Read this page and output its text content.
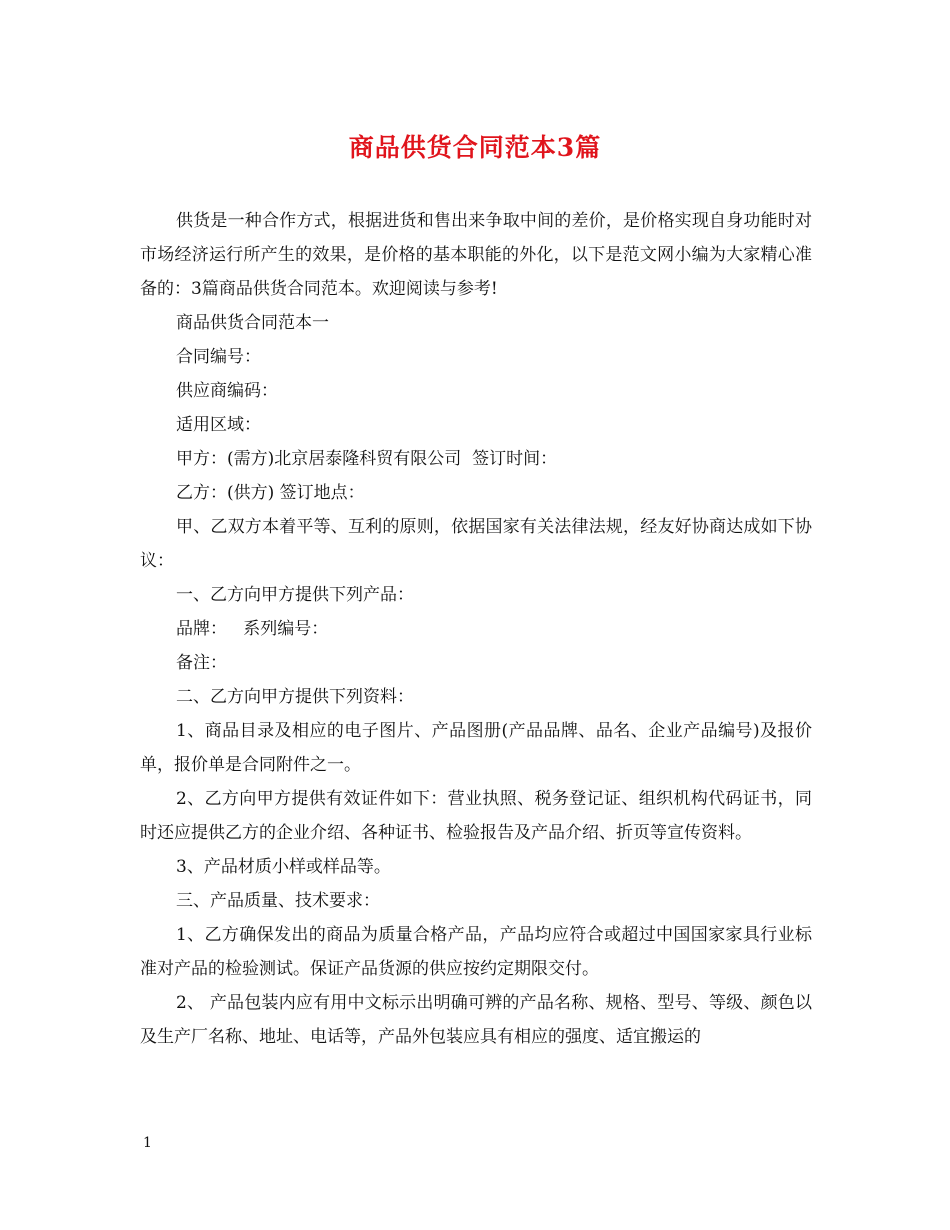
商品供货合同范本3篇

供货是一种合作方式，根据进货和售出来争取中间的差价，是价格实现自身功能时对市场经济运行所产生的效果，是价格的基本职能的外化，以下是范文网小编为大家精心准备的：3篇商品供货合同范本。欢迎阅读与参考!

商品供货合同范本一

合同编号：

供应商编码：

适用区域：

甲方：(需方)北京居泰隆科贸有限公司  签订时间：

乙方：(供方) 签订地点：

甲、乙双方本着平等、互利的原则，依据国家有关法律法规，经友好协商达成如下协议：

一、乙方向甲方提供下列产品：

品牌：   系列编号：

备注：

二、乙方向甲方提供下列资料：

1、商品目录及相应的电子图片、产品图册(产品品牌、品名、企业产品编号)及报价单，报价单是合同附件之一。

2、乙方向甲方提供有效证件如下：营业执照、税务登记证、组织机构代码证书，同时还应提供乙方的企业介绍、各种证书、检验报告及产品介绍、折页等宣传资料。

3、产品材质小样或样品等。

三、产品质量、技术要求：

1、乙方确保发出的商品为质量合格产品，产品均应符合或超过中国国家家具行业标准对产品的检验测试。保证产品货源的供应按约定期限交付。

2、 产品包装内应有用中文标示出明确可辨的产品名称、规格、型号、等级、颜色以及生产厂名称、地址、电话等，产品外包装应具有相应的强度、适宜搬运的

1
